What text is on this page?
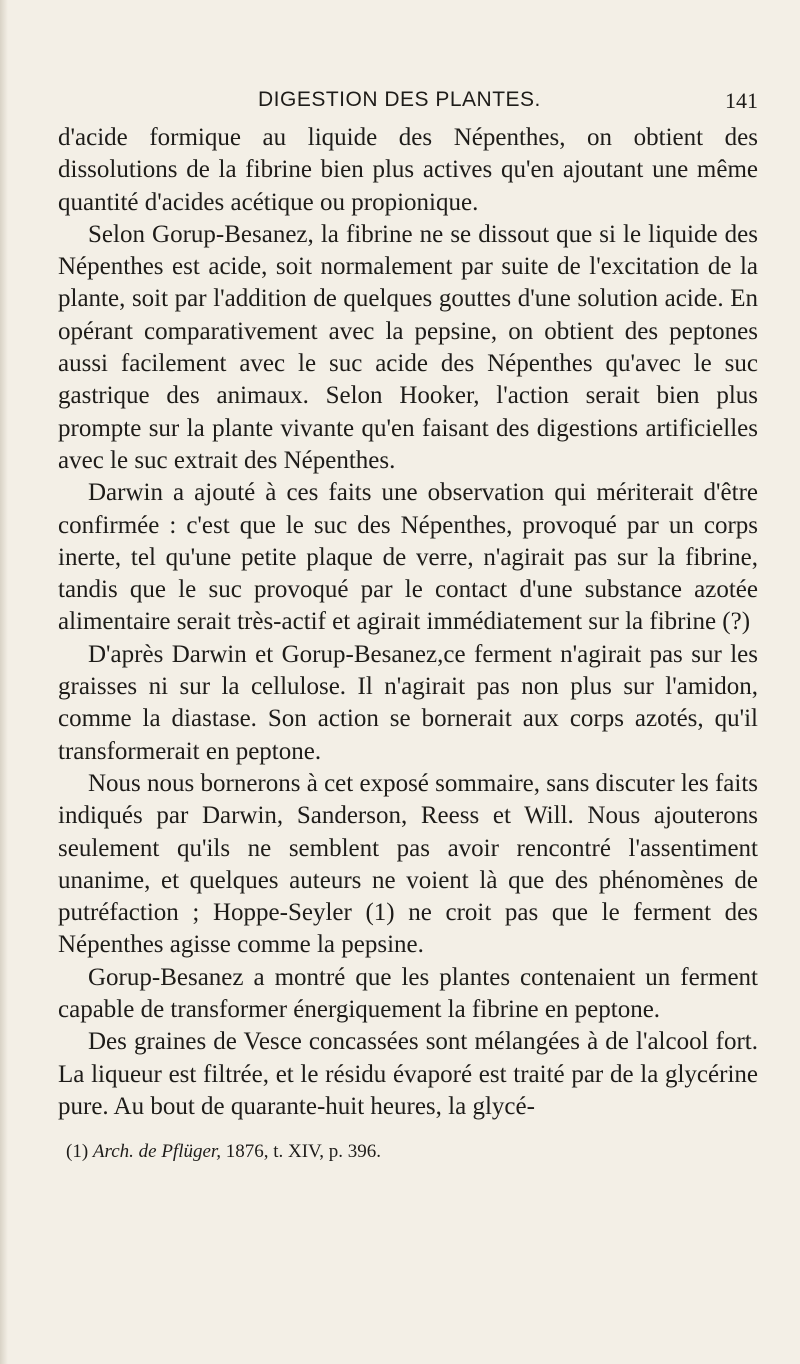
DIGESTION DES PLANTES.	141

d'acide formique au liquide des Népenthes, on obtient des dissolutions de la fibrine bien plus actives qu'en ajoutant une même quantité d'acides acétique ou propionique.

Selon Gorup-Besanez, la fibrine ne se dissout que si le liquide des Népenthes est acide, soit normalement par suite de l'excitation de la plante, soit par l'addition de quelques gouttes d'une solution acide. En opérant comparativement avec la pepsine, on obtient des peptones aussi facilement avec le suc acide des Népenthes qu'avec le suc gastrique des animaux. Selon Hooker, l'action serait bien plus prompte sur la plante vivante qu'en faisant des digestions artificielles avec le suc extrait des Népenthes.

Darwin a ajouté à ces faits une observation qui mériterait d'être confirmée : c'est que le suc des Népenthes, provoqué par un corps inerte, tel qu'une petite plaque de verre, n'agirait pas sur la fibrine, tandis que le suc provoqué par le contact d'une substance azotée alimentaire serait très-actif et agirait immédiatement sur la fibrine (?)

D'après Darwin et Gorup-Besanez,ce ferment n'agirait pas sur les graisses ni sur la cellulose. Il n'agirait pas non plus sur l'amidon, comme la diastase. Son action se bornerait aux corps azotés, qu'il transformerait en peptone.

Nous nous bornerons à cet exposé sommaire, sans discuter les faits indiqués par Darwin, Sanderson, Reess et Will. Nous ajouterons seulement qu'ils ne semblent pas avoir rencontré l'assentiment unanime, et quelques auteurs ne voient là que des phénomènes de putréfaction ; Hoppe-Seyler (1) ne croit pas que le ferment des Népenthes agisse comme la pepsine.

Gorup-Besanez a montré que les plantes contenaient un ferment capable de transformer énergiquement la fibrine en peptone.

Des graines de Vesce concassées sont mélangées à de l'alcool fort. La liqueur est filtrée, et le résidu évaporé est traité par de la glycérine pure. Au bout de quarante-huit heures, la glycé-

(1) Arch. de Pflüger, 1876, t. XIV, p. 396.
